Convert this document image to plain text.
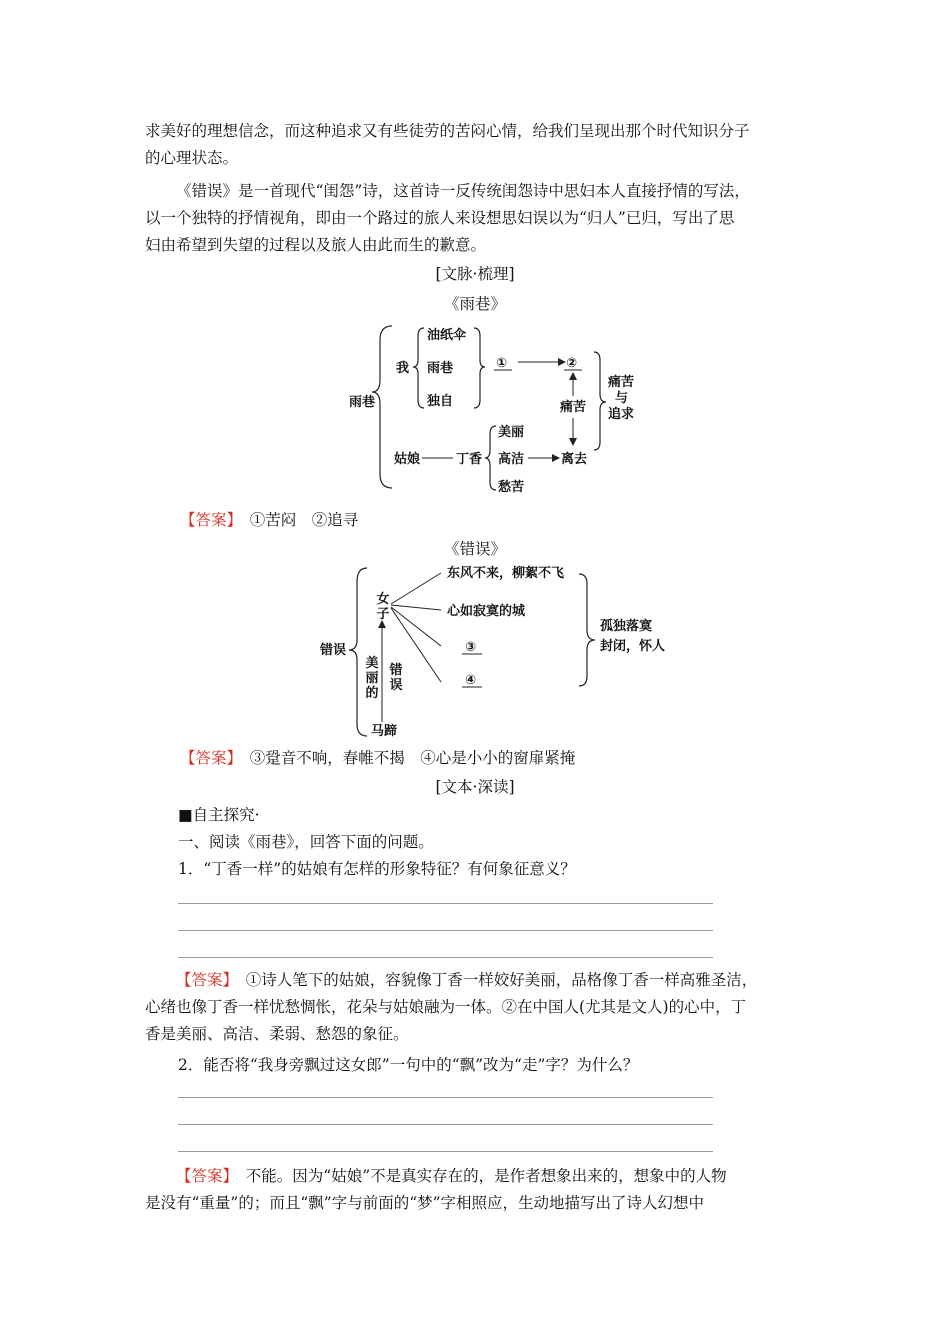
求美好的理想信念，而这种追求又有些徒劳的苦闷心情，给我们呈现出那个时代知识分子
的心理状态。
《错误》是一首现代“闺怨”诗，这首诗一反传统闺怨诗中思妇本人直接抒情的写法，
以一个独特的抒情视角，即由一个路过的旅人来设想思妇误以为“归人”已归，写出了思
妇由希望到失望的过程以及旅人由此而生的歉意。
[文脉·梳理]
《雨巷》
雨巷
我
油纸伞
雨巷
独自
①	②
痛苦
痛苦
与
追求
姑娘	丁香
美丽
高洁
愁苦
离去
【答案】　 ①苦闷　②追寻
《错误》
错误
东风不来，柳絮不飞
心如寂寞的城
③
④
马蹄
孤独落寞
封闭，怀人
女
子
美
丽
的
错
误
【答案】　 ③跫音不响，春帷不揭　④心是小小的窗扉紧掩
[文本·深读]
■自主探究·
一、阅读《雨巷》，回答下面的问题。
1．“丁香一样”的姑娘有怎样的形象特征？有何象征意义？
【答案】　 ①诗人笔下的姑娘，容貌像丁香一样姣好美丽，品格像丁香一样高雅圣洁，
心绪也像丁香一样忧愁惆怅，花朵与姑娘融为一体。②在中国人(尤其是文人)的心中，丁
香是美丽、高洁、柔弱、愁怨的象征。
2．能否将“我身旁飘过这女郎”一句中的“飘”改为“走”字？为什么？
【答案】　 不能。因为“姑娘”不是真实存在的，是作者想象出来的，想象中的人物
是没有“重量”的；而且“飘”字与前面的“梦”字相照应，生动地描写出了诗人幻想中
